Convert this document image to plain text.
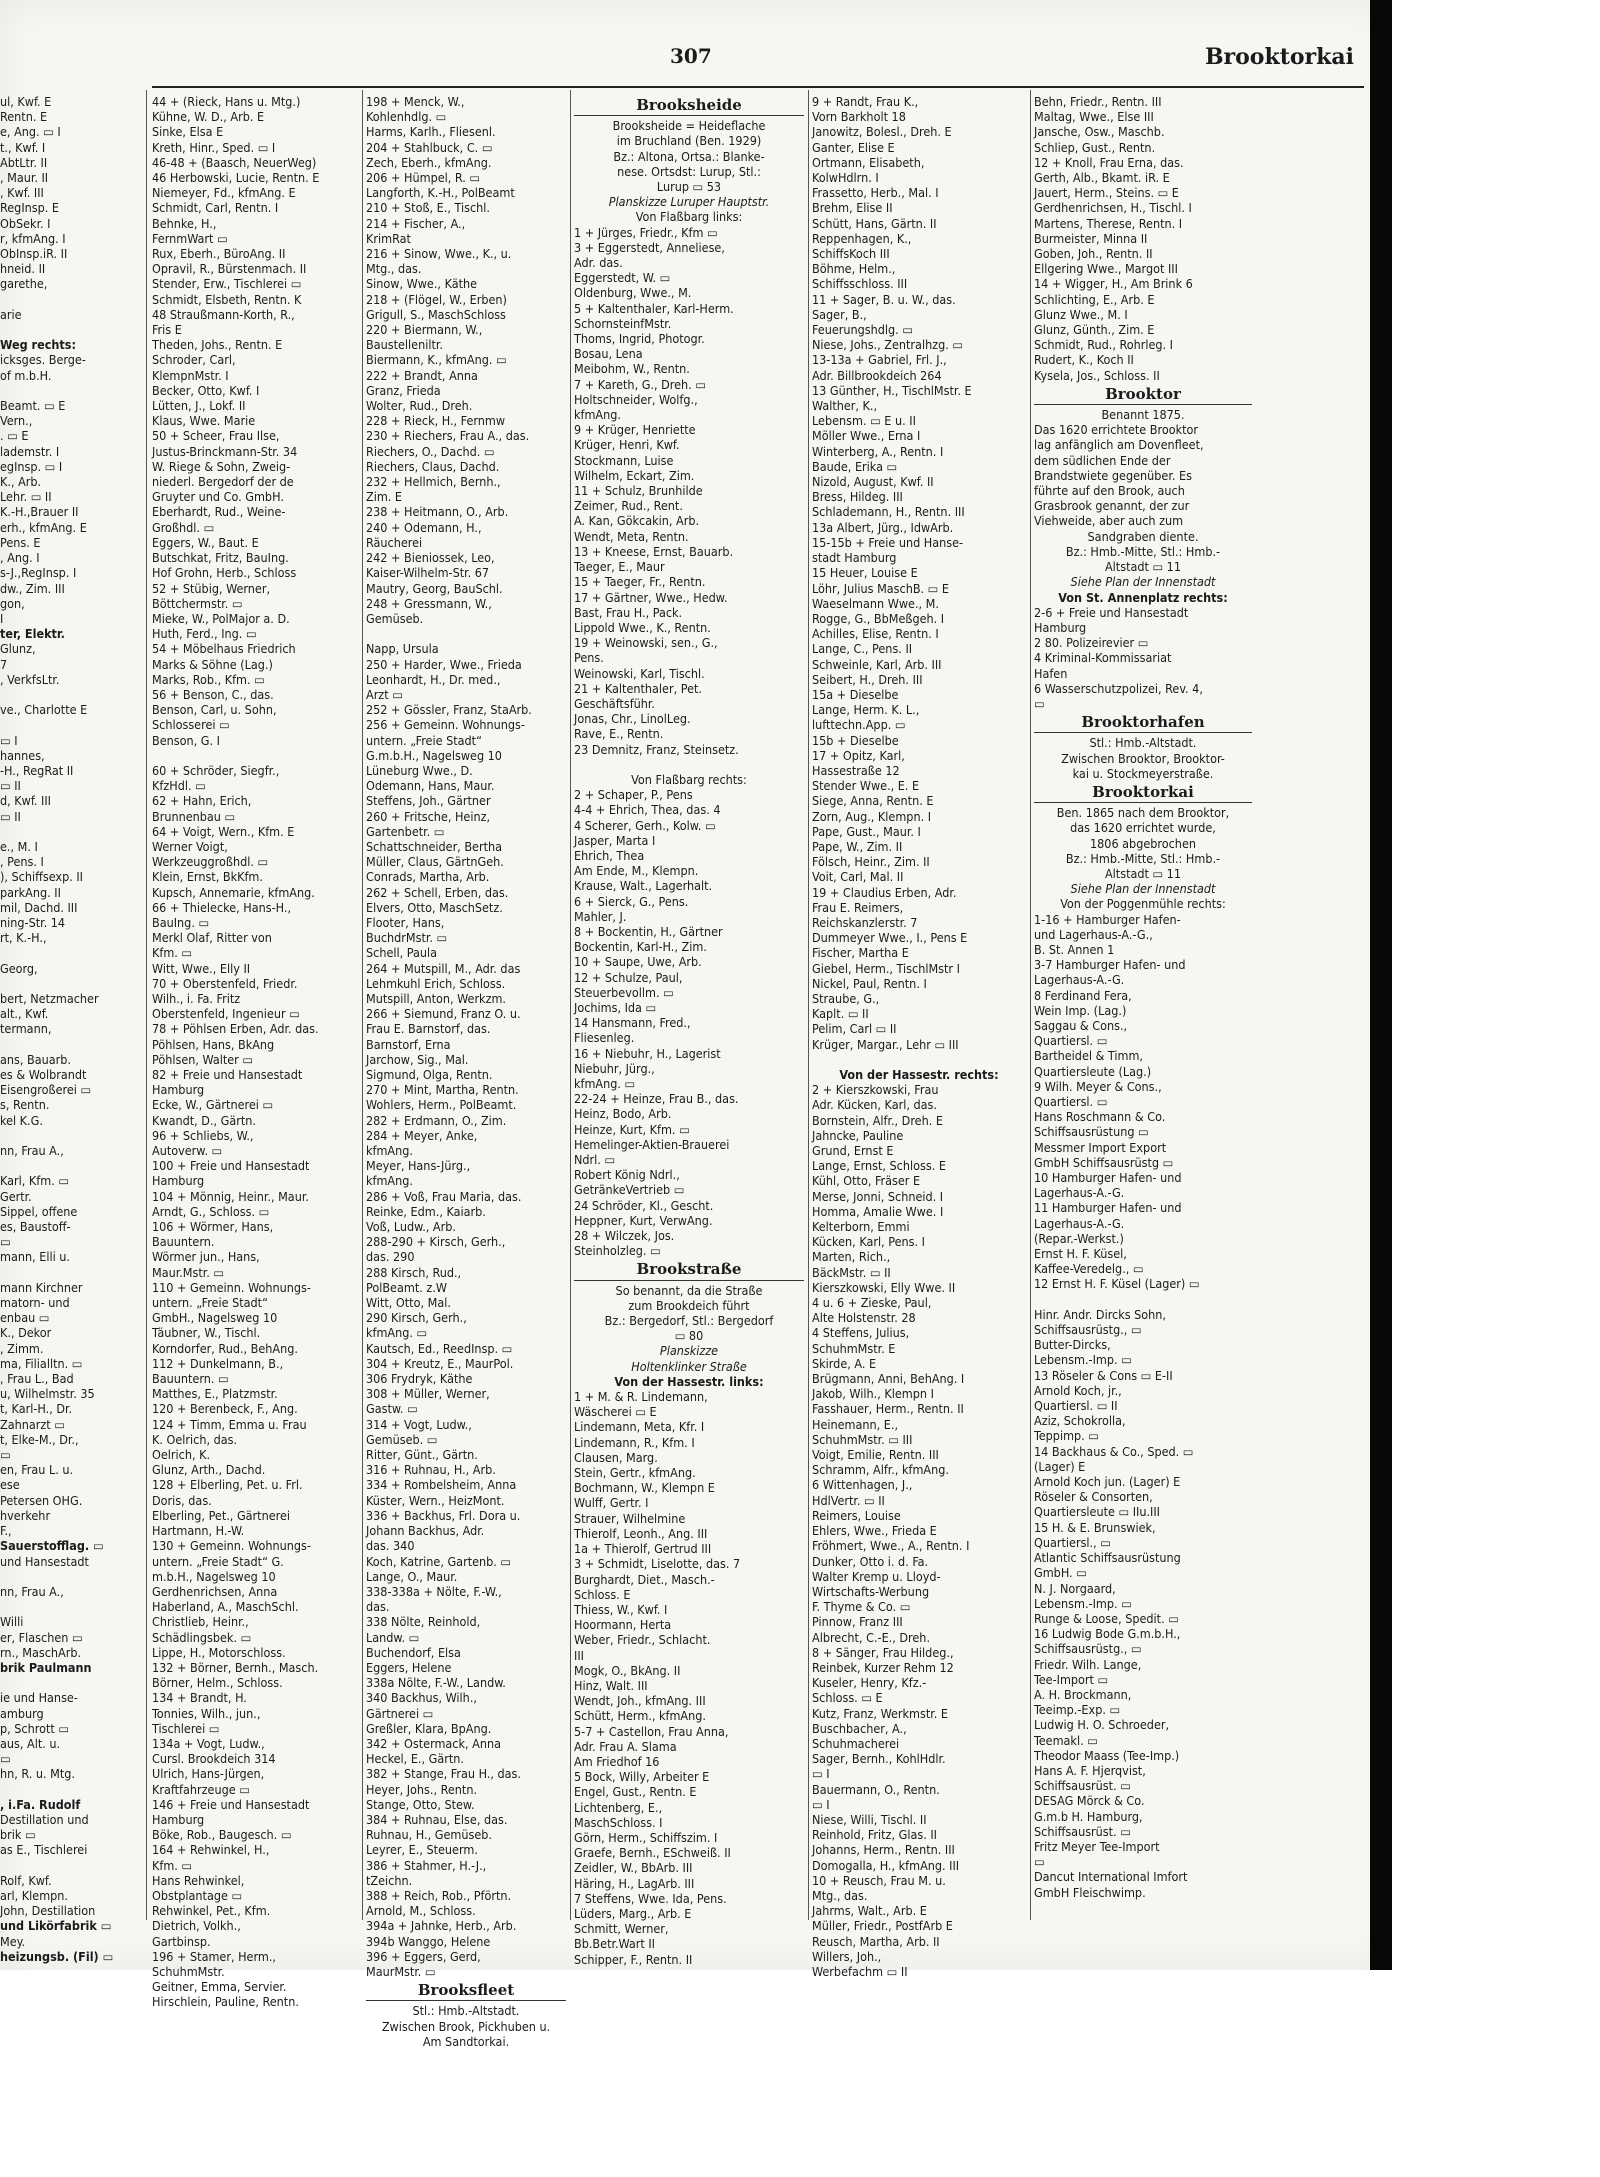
307	Brooktorkai
ul, Kwf. E
Rentn. E
e, Ang. ▭ I
t., Kwf. I
AbtLtr. II
, Maur. II
, Kwf. III
RegInsp. E
ObSekr. I
r, kfmAng. I
ObInsp.iR. II
hneid. II
garethe,

arie

Weg rechts:
icksges. Berge-
of m.b.H.

Beamt. ▭ E
Vern.,
. ▭ E
lademstr. I
egInsp. ▭ I
K., Arb.
Lehr. ▭ II
K.-H.,Brauer II
erh., kfmAng. E
Pens. E
, Ang. I
s-J.,RegInsp. I
dw., Zim. III
gon,
I
ter, Elektr.
Glunz,
7
, VerkfsLtr.

ve., Charlotte E

▭ I
hannes,
-H., RegRat II
▭ II
d, Kwf. III
▭ II

e., M. I
, Pens. I
), Schiffsexp. II
parkAng. II
mil, Dachd. III
ning-Str. 14
rt, K.-H.,

Georg,

bert, Netzmacher
alt., Kwf.
termann,

ans, Bauarb.
es & Wolbrandt
Eisengroßerei ▭
s, Rentn.
kel K.G.

nn, Frau A.,

Karl, Kfm. ▭
Gertr.
Sippel, offene
es, Baustoff-
▭
mann, Elli u.

mann Kirchner
matorn- und
enbau ▭
K., Dekor
, Zimm.
ma, Filialltn. ▭
, Frau L., Bad
u, Wilhelmstr. 35
t, Karl-H., Dr.
Zahnarzt ▭
t, Elke-M., Dr.,
▭
en, Frau L. u.
ese
Petersen OHG.
hverkehr
F.,
Sauerstofflag. ▭
und Hansestadt

nn, Frau A.,

Willi
er, Flaschen ▭
rn., MaschArb.
brik Paulmann

ie und Hanse-
amburg
p, Schrott ▭
aus, Alt. u.
▭
hn, R. u. Mtg.

, i.Fa. Rudolf
Destillation und
brik ▭
as E., Tischlerei

Rolf, Kwf.
arl, Klempn.
John, Destillation
und Likörfabrik ▭
Mey.
heizungsb. (Fil) ▭
44 + (Rieck, Hans u. Mtg.)
Kühne, W. D., Arb. E
Sinke, Elsa E
Kreth, Hinr., Sped. ▭ I
46-48 + (Baasch, NeuerWeg)
46 Herbowski, Lucie, Rentn. E
Niemeyer, Fd., kfmAng. E
Schmidt, Carl, Rentn. I
Behnke, H.,
FernmWart ▭
Rux, Eberh., BüroAng. II
Opravil, R., Bürstenmach. II
Stender, Erw., Tischlerei ▭
Schmidt, Elsbeth, Rentn. K
48 Straußmann-Korth, R.,
Fris E
Theden, Johs., Rentn. E
Schroder, Carl,
KlempnMstr. I
Becker, Otto, Kwf. I
Lütten, J., Lokf. II
Klaus, Wwe. Marie
50 + Scheer, Frau Ilse,
Justus-Brinckmann-Str. 34
W. Riege & Sohn, Zweig-
niederl. Bergedorf der de
Gruyter und Co. GmbH.
Eberhardt, Rud., Weine-
Großhdl. ▭
Eggers, W., Baut. E
Butschkat, Fritz, BauIng.
Hof Grohn, Herb., Schloss
52 + Stübig, Werner,
Böttchermstr. ▭
Mieke, W., PolMajor a. D.
Huth, Ferd., Ing. ▭
54 + Möbelhaus Friedrich
Marks & Söhne (Lag.)
Marks, Rob., Kfm. ▭
56 + Benson, C., das.
Benson, Carl, u. Sohn,
Schlosserei ▭
Benson, G. I

60 + Schröder, Siegfr.,
KfzHdl. ▭
62 + Hahn, Erich,
Brunnenbau ▭
64 + Voigt, Wern., Kfm. E
Werner Voigt,
Werkzeuggroßhdl. ▭
Klein, Ernst, BkKfm.
Kupsch, Annemarie, kfmAng.
66 + Thielecke, Hans-H.,
BauIng. ▭
Merkl Olaf, Ritter von
Kfm. ▭
Witt, Wwe., Elly II
70 + Oberstenfeld, Friedr.
Wilh., i. Fa. Fritz
Oberstenfeld, Ingenieur ▭
78 + Pöhlsen Erben, Adr. das.
Pöhlsen, Hans, BkAng
Pöhlsen, Walter ▭
82 + Freie und Hansestadt
Hamburg
Ecke, W., Gärtnerei ▭
Kwandt, D., Gärtn.
96 + Schliebs, W.,
Autoverw. ▭
100 + Freie und Hansestadt
Hamburg
104 + Mönnig, Heinr., Maur.
Arndt, G., Schloss. ▭
106 + Wörmer, Hans,
Bauuntern.
Wörmer jun., Hans,
Maur.Mstr. ▭
110 + Gemeinn. Wohnungs-
untern. „Freie Stadt“
GmbH., Nagelsweg 10
Täubner, W., Tischl.
Korndorfer, Rud., BehAng.
112 + Dunkelmann, B.,
Bauuntern. ▭
Matthes, E., Platzmstr.
120 + Berenbeck, F., Ang.
124 + Timm, Emma u. Frau
K. Oelrich, das.
Oelrich, K.
Glunz, Arth., Dachd.
128 + Elberling, Pet. u. Frl.
Doris, das.
Elberling, Pet., Gärtnerei
Hartmann, H.-W.
130 + Gemeinn. Wohnungs-
untern. „Freie Stadt“ G.
m.b.H., Nagelsweg 10
Gerdhenrichsen, Anna
Haberland, A., MaschSchl.
Christlieb, Heinr.,
Schädlingsbek. ▭
Lippe, H., Motorschloss.
132 + Börner, Bernh., Masch.
Börner, Helm., Schloss.
134 + Brandt, H.
Tonnies, Wilh., jun.,
Tischlerei ▭
134a + Vogt, Ludw.,
Cursl. Brookdeich 314
Ulrich, Hans-Jürgen,
Kraftfahrzeuge ▭
146 + Freie und Hansestadt
Hamburg
Böke, Rob., Baugesch. ▭
164 + Rehwinkel, H.,
Kfm. ▭
Hans Rehwinkel,
Obstplantage ▭
Rehwinkel, Pet., Kfm.
Dietrich, Volkh.,
Gartbinsp.
196 + Stamer, Herm.,
SchuhmMstr.
Geitner, Emma, Servier.
Hirschlein, Pauline, Rentn.
198 + Menck, W.,
Kohlenhdlg. ▭
Harms, Karlh., Fliesenl.
204 + Stahlbuck, C. ▭
Zech, Eberh., kfmAng.
206 + Hümpel, R. ▭
Langforth, K.-H., PolBeamt
210 + Stoß, E., Tischl.
214 + Fischer, A.,
KrimRat
216 + Sinow, Wwe., K., u.
Mtg., das.
Sinow, Wwe., Käthe
218 + (Flögel, W., Erben)
Grigull, S., MaschSchloss
220 + Biermann, W.,
Baustelleniltr.
Biermann, K., kfmAng. ▭
222 + Brandt, Anna
Granz, Frieda
Wolter, Rud., Dreh.
228 + Rieck, H., Fernmw
230 + Riechers, Frau A., das.
Riechers, O., Dachd. ▭
Riechers, Claus, Dachd.
232 + Hellmich, Bernh.,
Zim. E
238 + Heitmann, O., Arb.
240 + Odemann, H.,
Räucherei
242 + Bieniossek, Leo,
Kaiser-Wilhelm-Str. 67
Mautry, Georg, BauSchl.
248 + Gressmann, W.,
Gemüseb.

Napp, Ursula
250 + Harder, Wwe., Frieda
Leonhardt, H., Dr. med.,
Arzt ▭
252 + Gössler, Franz, StaArb.
256 + Gemeinn. Wohnungs-
untern. „Freie Stadt“
G.m.b.H., Nagelsweg 10
Lüneburg Wwe., D.
Odemann, Hans, Maur.
Steffens, Joh., Gärtner
260 + Fritsche, Heinz,
Gartenbetr. ▭
Schattschneider, Bertha
Müller, Claus, GärtnGeh.
Conrads, Martha, Arb.
262 + Schell, Erben, das.
Elvers, Otto, MaschSetz.
Flooter, Hans,
BuchdrMstr. ▭
Schell, Paula
264 + Mutspill, M., Adr. das
Lehmkuhl Erich, Schloss.
Mutspill, Anton, Werkzm.
266 + Siemund, Franz O. u.
Frau E. Barnstorf, das.
Barnstorf, Erna
Jarchow, Sig., Mal.
Sigmund, Olga, Rentn.
270 + Mint, Martha, Rentn.
Wohlers, Herm., PolBeamt.
282 + Erdmann, O., Zim.
284 + Meyer, Anke,
kfmAng.
Meyer, Hans-Jürg.,
kfmAng.
286 + Voß, Frau Maria, das.
Reinke, Edm., Kaiarb.
Voß, Ludw., Arb.
288-290 + Kirsch, Gerh.,
das. 290
288 Kirsch, Rud.,
PolBeamt. z.W
Witt, Otto, Mal.
290 Kirsch, Gerh.,
kfmAng. ▭
Kautsch, Ed., ReedInsp. ▭
304 + Kreutz, E., MaurPol.
306 Frydryk, Käthe
308 + Müller, Werner,
Gastw. ▭
314 + Vogt, Ludw.,
Gemüseb. ▭
Ritter, Günt., Gärtn.
316 + Ruhnau, H., Arb.
334 + Rombelsheim, Anna
Küster, Wern., HeizMont.
336 + Backhus, Frl. Dora u.
Johann Backhus, Adr.
das. 340
Koch, Katrine, Gartenb. ▭
Lange, O., Maur.
338-338a + Nölte, F.-W.,
das.
338 Nölte, Reinhold,
Landw. ▭
Buchendorf, Elsa
Eggers, Helene
338a Nölte, F.-W., Landw.
340 Backhus, Wilh.,
Gärtnerei ▭
Greßler, Klara, BpAng.
342 + Ostermack, Anna
Heckel, E., Gärtn.
382 + Stange, Frau H., das.
Heyer, Johs., Rentn.
Stange, Otto, Stew.
384 + Ruhnau, Else, das.
Ruhnau, H., Gemüseb.
Leyrer, E., Steuerm.
386 + Stahmer, H.-J.,
tZeichn.
388 + Reich, Rob., Pförtn.
Arnold, M., Schloss.
394a + Jahnke, Herb., Arb.
394b Wanggo, Helene
396 + Eggers, Gerd,
MaurMstr. ▭
Brooksfleet
Stl.: Hmb.-Altstadt.
Zwischen Brook, Pickhuben u.
Am Sandtorkai.
Brooksheide
Brooksheide = Heideflache
im Bruchland (Ben. 1929)
Bz.: Altona, Ortsa.: Blanke-
nese. Ortsdst: Lurup, Stl.:
Lurup ▭ 53
Planskizze Luruper Hauptstr.
Von Flaßbarg links:
1 + Jürges, Friedr., Kfm ▭
3 + Eggerstedt, Anneliese,
Adr. das.
Eggerstedt, W. ▭
Oldenburg, Wwe., M.
5 + Kaltenthaler, Karl-Herm.
SchornsteinfMstr.
Thoms, Ingrid, Photogr.
Bosau, Lena
Meibohm, W., Rentn.
7 + Kareth, G., Dreh. ▭
Holtschneider, Wolfg.,
kfmAng.
9 + Krüger, Henriette
Krüger, Henri, Kwf.
Stockmann, Luise
Wilhelm, Eckart, Zim.
11 + Schulz, Brunhilde
Zeimer, Rud., Rent.
A. Kan, Gökcakin, Arb.
Wendt, Meta, Rentn.
13 + Kneese, Ernst, Bauarb.
Taeger, E., Maur
15 + Taeger, Fr., Rentn.
17 + Gärtner, Wwe., Hedw.
Bast, Frau H., Pack.
Lippold Wwe., K., Rentn.
19 + Weinowski, sen., G.,
Pens.
Weinowski, Karl, Tischl.
21 + Kaltenthaler, Pet.
Geschäftsführ.
Jonas, Chr., LinolLeg.
Rave, E., Rentn.
23 Demnitz, Franz, Steinsetz.

Von Flaßbarg rechts:
2 + Schaper, P., Pens
4-4 + Ehrich, Thea, das. 4
4 Scherer, Gerh., Kolw. ▭
Jasper, Marta I
Ehrich, Thea
Am Ende, M., Klempn.
Krause, Walt., Lagerhalt.
6 + Sierck, G., Pens.
Mahler, J.
8 + Bockentin, H., Gärtner
Bockentin, Karl-H., Zim.
10 + Saupe, Uwe, Arb.
12 + Schulze, Paul,
Steuerbevollm. ▭
Jochims, Ida ▭
14 Hansmann, Fred.,
Fliesenleg.
16 + Niebuhr, H., Lagerist
Niebuhr, Jürg.,
kfmAng. ▭
22-24 + Heinze, Frau B., das.
Heinz, Bodo, Arb.
Heinze, Kurt, Kfm. ▭
Hemelinger-Aktien-Brauerei
Ndrl. ▭
Robert König Ndrl.,
GetränkeVertrieb ▭
24 Schröder, Kl., Gescht.
Heppner, Kurt, VerwAng.
28 + Wilczek, Jos.
Steinholzleg. ▭
Brookstraße
So benannt, da die Straße
zum Brookdeich führt
Bz.: Bergedorf, Stl.: Bergedorf
▭ 80
Planskizze
Holtenklinker Straße
Von der Hassestr. links:
1 + M. & R. Lindemann,
Wäscherei ▭ E
Lindemann, Meta, Kfr. I
Lindemann, R., Kfm. I
Clausen, Marg.
Stein, Gertr., kfmAng.
Bochmann, W., Klempn E
Wulff, Gertr. I
Strauer, Wilhelmine
Thierolf, Leonh., Ang. III
1a + Thierolf, Gertrud III
3 + Schmidt, Liselotte, das. 7
Burghardt, Diet., Masch.-
Schloss. E
Thiess, W., Kwf. I
Hoormann, Herta
Weber, Friedr., Schlacht.
III
Mogk, O., BkAng. II
Hinz, Walt. III
Wendt, Joh., kfmAng. III
Schütt, Herm., kfmAng.
5-7 + Castellon, Frau Anna,
Adr. Frau A. Slama
Am Friedhof 16
5 Bock, Willy, Arbeiter E
Engel, Gust., Rentn. E
Lichtenberg, E.,
MaschSchloss. I
Görn, Herm., Schiffszim. I
Graefe, Bernh., ESchweiß. II
Zeidler, W., BbArb. III
Häring, H., LagArb. III
7 Steffens, Wwe. Ida, Pens.
Lüders, Marg., Arb. E
Schmitt, Werner,
Bb.Betr.Wart II
Schipper, F., Rentn. II
9 + Randt, Frau K.,
Vorn Barkholt 18
Janowitz, Bolesl., Dreh. E
Ganter, Elise E
Ortmann, Elisabeth,
KolwHdlrn. I
Frassetto, Herb., Mal. I
Brehm, Elise II
Schütt, Hans, Gärtn. II
Reppenhagen, K.,
SchiffsKoch III
Böhme, Helm.,
Schiffsschloss. III
11 + Sager, B. u. W., das.
Sager, B.,
Feuerungshdlg. ▭
Niese, Johs., Zentralhzg. ▭
13-13a + Gabriel, Frl. J.,
Adr. Billbrookdeich 264
13 Günther, H., TischlMstr. E
Walther, K.,
Lebensm. ▭ E u. II
Möller Wwe., Erna I
Winterberg, A., Rentn. I
Baude, Erika ▭
Nizold, August, Kwf. II
Bress, Hildeg. III
Schlademann, H., Rentn. III
13a Albert, Jürg., IdwArb.
15-15b + Freie und Hanse-
stadt Hamburg
15 Heuer, Louise E
Löhr, Julius MaschB. ▭ E
Waeselmann Wwe., M.
Rogge, G., BbMeßgeh. I
Achilles, Elise, Rentn. I
Lange, C., Pens. II
Schweinle, Karl, Arb. III
Seibert, H., Dreh. III
15a + Dieselbe
Lange, Herm. K. L.,
lufttechn.App. ▭
15b + Dieselbe
17 + Opitz, Karl,
Hassestraße 12
Stender Wwe., E. E
Siege, Anna, Rentn. E
Zorn, Aug., Klempn. I
Pape, Gust., Maur. I
Pape, W., Zim. II
Fölsch, Heinr., Zim. II
Voit, Carl, Mal. II
19 + Claudius Erben, Adr.
Frau E. Reimers,
Reichskanzlerstr. 7
Dummeyer Wwe., I., Pens E
Fischer, Martha E
Giebel, Herm., TischlMstr I
Nickel, Paul, Rentn. I
Straube, G.,
Kaplt. ▭ II
Pelim, Carl ▭ II
Krüger, Margar., Lehr ▭ III

Von der Hassestr. rechts:
2 + Kierszkowski, Frau
Adr. Kücken, Karl, das.
Bornstein, Alfr., Dreh. E
Jahncke, Pauline
Grund, Ernst E
Lange, Ernst, Schloss. E
Kühl, Otto, Fräser E
Merse, Jonni, Schneid. I
Homma, Amalie Wwe. I
Kelterborn, Emmi
Kücken, Karl, Pens. I
Marten, Rich.,
BäckMstr. ▭ II
Kierszkowski, Elly Wwe. II
4 u. 6 + Zieske, Paul,
Alte Holstenstr. 28
4 Steffens, Julius,
SchuhmMstr. E
Skirde, A. E
Brügmann, Anni, BehAng. I
Jakob, Wilh., Klempn I
Fasshauer, Herm., Rentn. II
Heinemann, E.,
SchuhmMstr. ▭ III
Voigt, Emilie, Rentn. III
Schramm, Alfr., kfmAng.
6 Wittenhagen, J.,
HdlVertr. ▭ II
Reimers, Louise
Ehlers, Wwe., Frieda E
Fröhmert, Wwe., A., Rentn. I
Dunker, Otto i. d. Fa.
Walter Kremp u. Lloyd-
Wirtschafts-Werbung
F. Thyme & Co. ▭
Pinnow, Franz III
Albrecht, C.-E., Dreh.
8 + Sänger, Frau Hildeg.,
Reinbek, Kurzer Rehm 12
Kuseler, Henry, Kfz.-
Schloss. ▭ E
Kutz, Franz, Werkmstr. E
Buschbacher, A.,
Schuhmacherei
Sager, Bernh., KohlHdlr.
▭ I
Bauermann, O., Rentn.
▭ I
Niese, Willi, Tischl. II
Reinhold, Fritz, Glas. II
Johanns, Herm., Rentn. III
Domogalla, H., kfmAng. III
10 + Reusch, Frau M. u.
Mtg., das.
Jahrms, Walt., Arb. E
Müller, Friedr., PostfArb E
Reusch, Martha, Arb. II
Willers, Joh.,
Werbefachm ▭ II
Behn, Friedr., Rentn. III
Maltag, Wwe., Else III
Jansche, Osw., Maschb.
Schliep, Gust., Rentn.
12 + Knoll, Frau Erna, das.
Gerth, Alb., Bkamt. iR. E
Jauert, Herm., Steins. ▭ E
Gerdhenrichsen, H., Tischl. I
Martens, Therese, Rentn. I
Burmeister, Minna II
Goben, Joh., Rentn. II
Ellgering Wwe., Margot III
14 + Wigger, H., Am Brink 6
Schlichting, E., Arb. E
Glunz Wwe., M. I
Glunz, Günth., Zim. E
Schmidt, Rud., Rohrleg. I
Rudert, K., Koch II
Kysela, Jos., Schloss. II
Brooktor
Benannt 1875.
Das 1620 errichtete Brooktor
lag anfänglich am Dovenfleet,
dem südlichen Ende der
Brandstwiete gegenüber. Es
führte auf den Brook, auch
Grasbrook genannt, der zur
Viehweide, aber auch zum
Sandgraben diente.
Bz.: Hmb.-Mitte, Stl.: Hmb.-
Altstadt ▭ 11
Siehe Plan der Innenstadt
Von St. Annenplatz rechts:
2-6 + Freie und Hansestadt
Hamburg
2 80. Polizeirevier ▭
4 Kriminal-Kommissariat
Hafen
6 Wasserschutzpolizei, Rev. 4,
▭
Brooktorhafen
Stl.: Hmb.-Altstadt.
Zwischen Brooktor, Brooktor-
kai u. Stockmeyerstraße.
Brooktorkai
Ben. 1865 nach dem Brooktor,
das 1620 errichtet wurde,
1806 abgebrochen
Bz.: Hmb.-Mitte, Stl.: Hmb.-
Altstadt ▭ 11
Siehe Plan der Innenstadt
Von der Poggenmühle rechts:
1-16 + Hamburger Hafen-
und Lagerhaus-A.-G.,
B. St. Annen 1
3-7 Hamburger Hafen- und
Lagerhaus-A.-G.
8 Ferdinand Fera,
Wein Imp. (Lag.)
Saggau & Cons.,
Quartiersl. ▭
Bartheidel & Timm,
Quartiersleute (Lag.)
9 Wilh. Meyer & Cons.,
Quartiersl. ▭
Hans Roschmann & Co.
Schiffsausrüstung ▭
Messmer Import Export
GmbH Schiffsausrüstg ▭
10 Hamburger Hafen- und
Lagerhaus-A.-G.
11 Hamburger Hafen- und
Lagerhaus-A.-G.
(Repar.-Werkst.)
Ernst H. F. Küsel,
Kaffee-Veredelg., ▭
12 Ernst H. F. Küsel (Lager) ▭

Hinr. Andr. Dircks Sohn,
Schiffsausrüstg., ▭
Butter-Dircks,
Lebensm.-Imp. ▭
13 Röseler & Cons ▭ E-II
Arnold Koch, jr.,
Quartiersl. ▭ II
Aziz, Schokrolla,
Teppimp. ▭
14 Backhaus & Co., Sped. ▭
(Lager) E
Arnold Koch jun. (Lager) E
Röseler & Consorten,
Quartiersleute ▭ IIu.III
15 H. & E. Brunswiek,
Quartiersl., ▭
Atlantic Schiffsausrüstung
GmbH. ▭
N. J. Norgaard,
Lebensm.-Imp. ▭
Runge & Loose, Spedit. ▭
16 Ludwig Bode G.m.b.H.,
Schiffsausrüstg., ▭
Friedr. Wilh. Lange,
Tee-Import ▭
A. H. Brockmann,
Teeimp.-Exp. ▭
Ludwig H. O. Schroeder,
Teemakl. ▭
Theodor Maass (Tee-Imp.)
Hans A. F. Hjerqvist,
Schiffsausrüst. ▭
DESAG Mörck & Co.
G.m.b H. Hamburg,
Schiffsausrüst. ▭
Fritz Meyer Tee-Import
▭
Dancut International Imfort
GmbH Fleischwimp.
